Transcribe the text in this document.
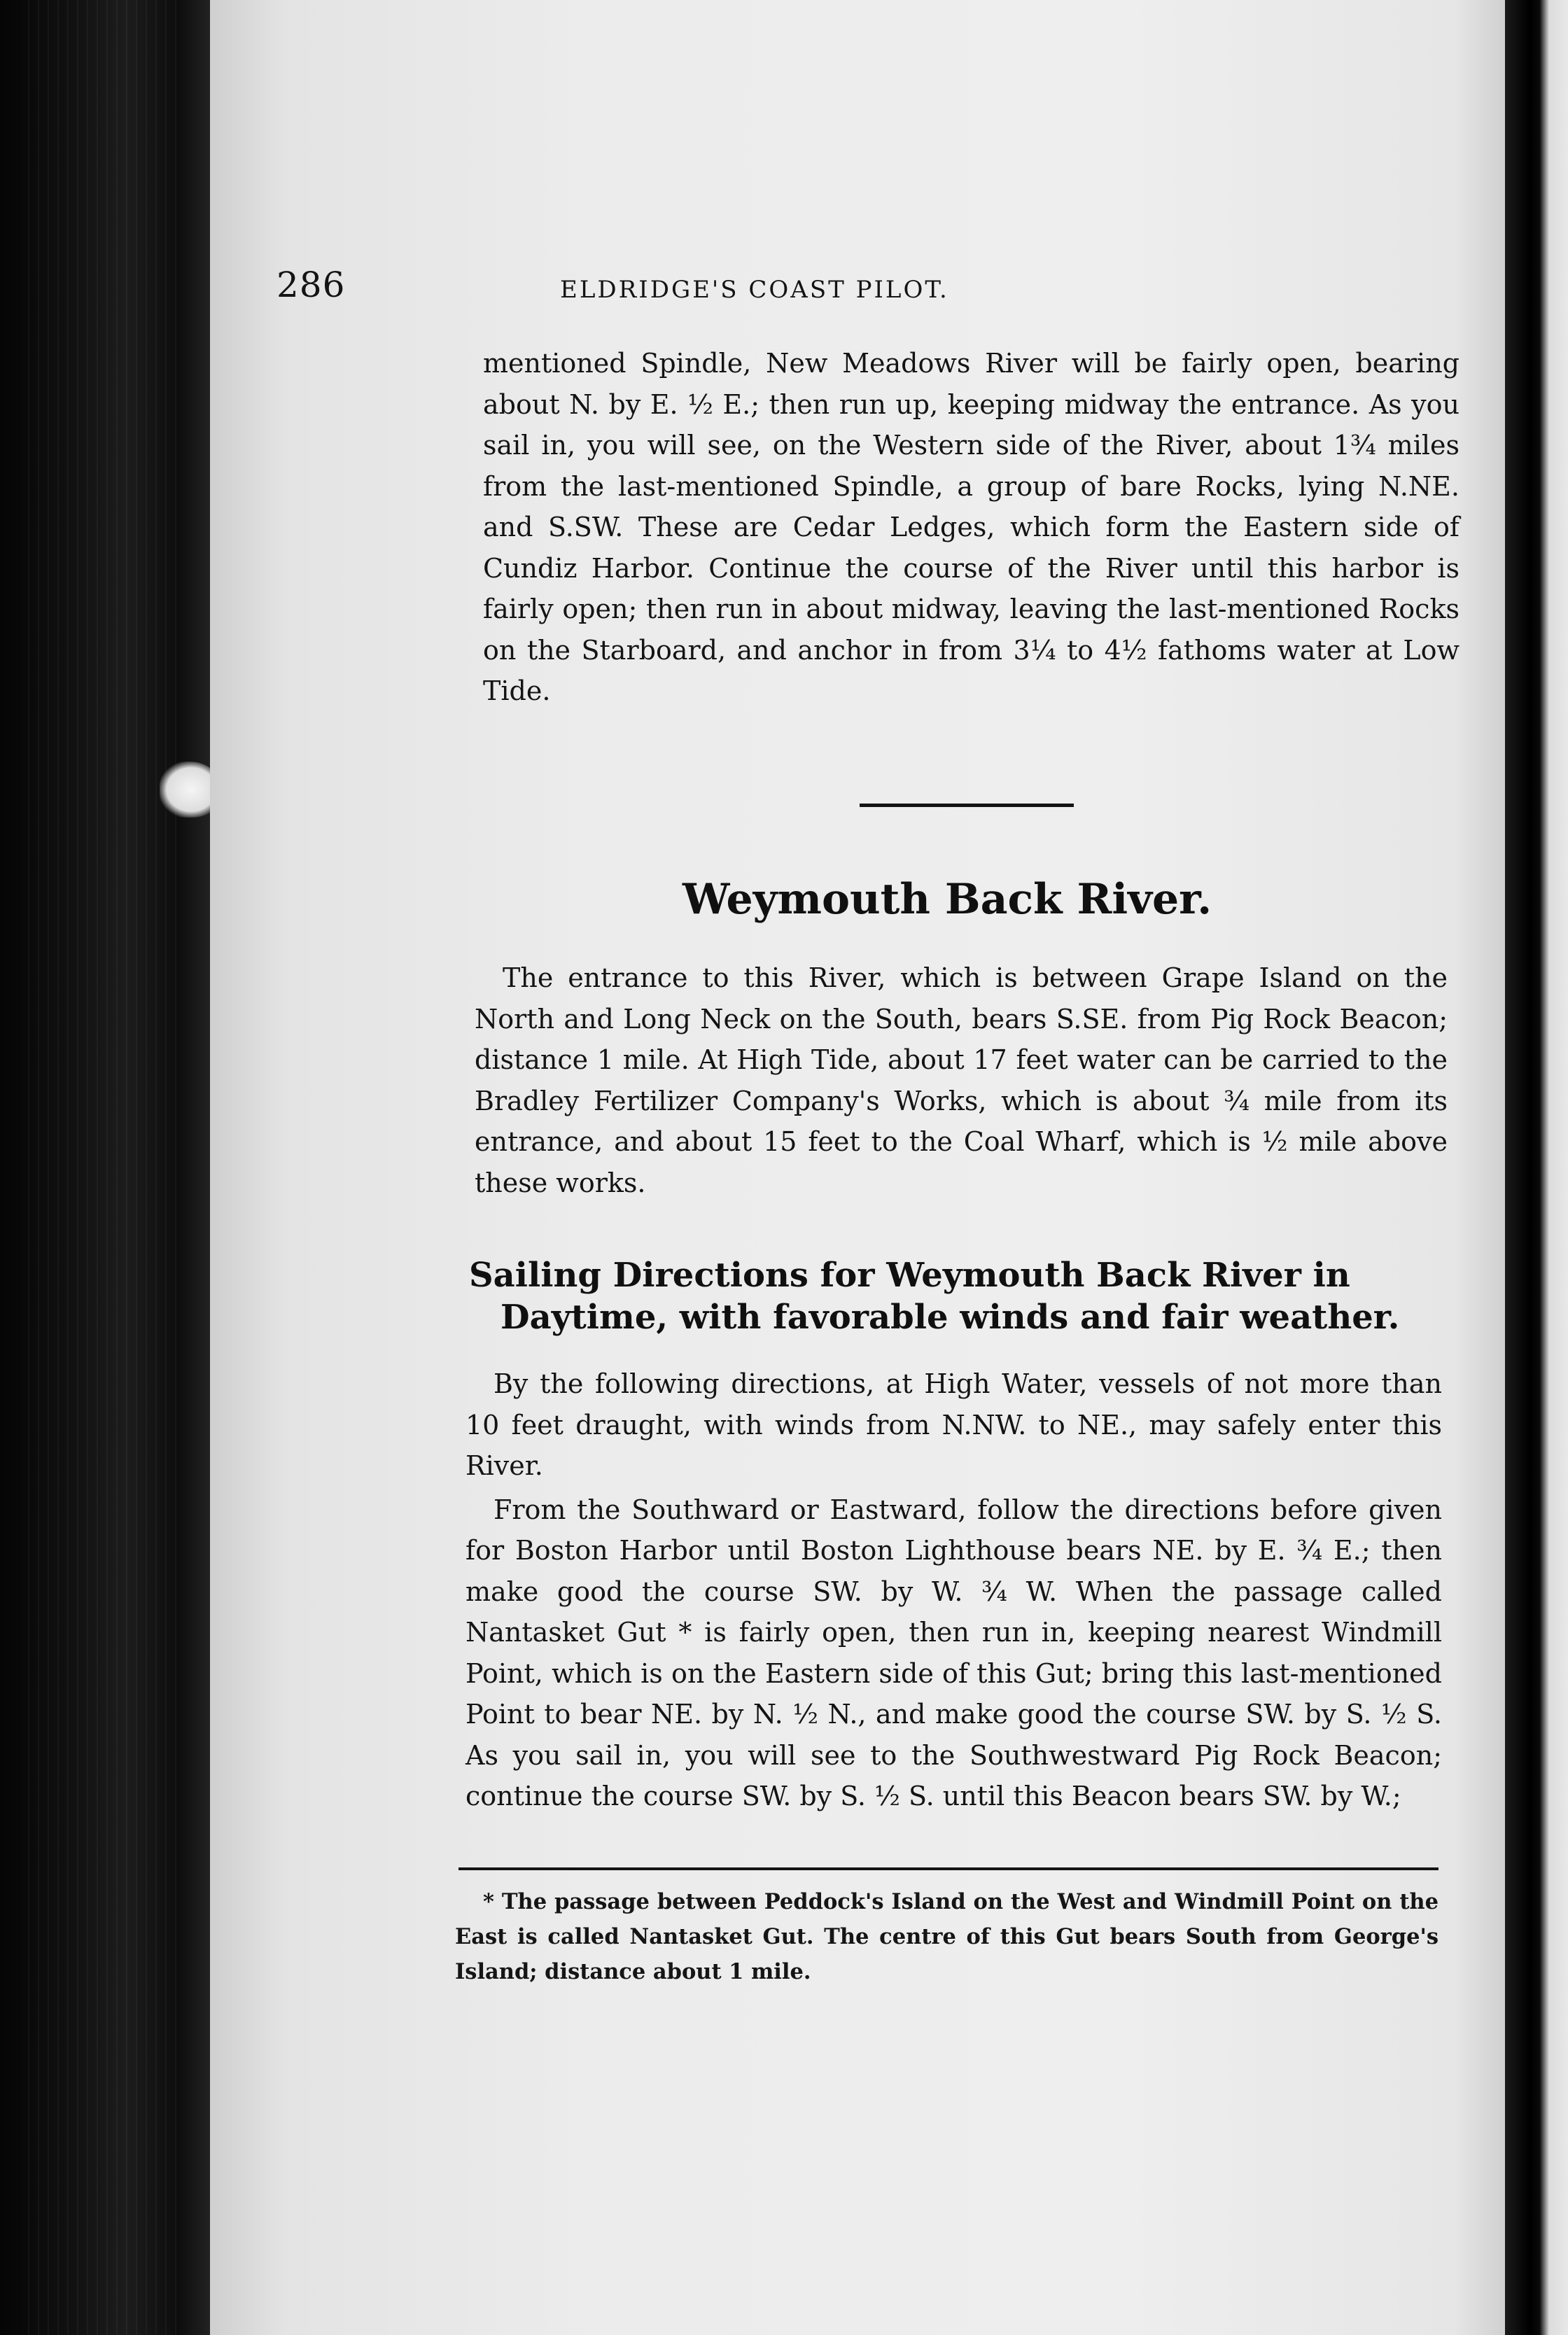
286	ELDRIDGE'S COAST PILOT.

mentioned Spindle, New Meadows River will be fairly open, bearing about N. by E. ½ E.; then run up, keeping midway the entrance. As you sail in, you will see, on the Western side of the River, about 1¾ miles from the last-mentioned Spindle, a group of bare Rocks, lying N.NE. and S.SW. These are Cedar Ledges, which form the Eastern side of Cundiz Harbor. Continue the course of the River until this harbor is fairly open; then run in about midway, leaving the last-mentioned Rocks on the Starboard, and anchor in from 3¼ to 4½ fathoms water at Low Tide.

Weymouth Back River.

The entrance to this River, which is between Grape Island on the North and Long Neck on the South, bears S.SE. from Pig Rock Beacon; distance 1 mile. At High Tide, about 17 feet water can be carried to the Bradley Fertilizer Company's Works, which is about ¾ mile from its entrance, and about 15 feet to the Coal Wharf, which is ½ mile above these works.

Sailing Directions for Weymouth Back River in
Daytime, with favorable winds and fair weather.

By the following directions, at High Water, vessels of not more than 10 feet draught, with winds from N.NW. to NE., may safely enter this River.

From the Southward or Eastward, follow the directions before given for Boston Harbor until Boston Lighthouse bears NE. by E. ¾ E.; then make good the course SW. by W. ¾ W. When the passage called Nantasket Gut * is fairly open, then run in, keeping nearest Windmill Point, which is on the Eastern side of this Gut; bring this last-mentioned Point to bear NE. by N. ½ N., and make good the course SW. by S. ½ S. As you sail in, you will see to the Southwestward Pig Rock Beacon; continue the course SW. by S. ½ S. until this Beacon bears SW. by W.;

* The passage between Peddock's Island on the West and Windmill Point on the East is called Nantasket Gut. The centre of this Gut bears South from George's Island; distance about 1 mile.
